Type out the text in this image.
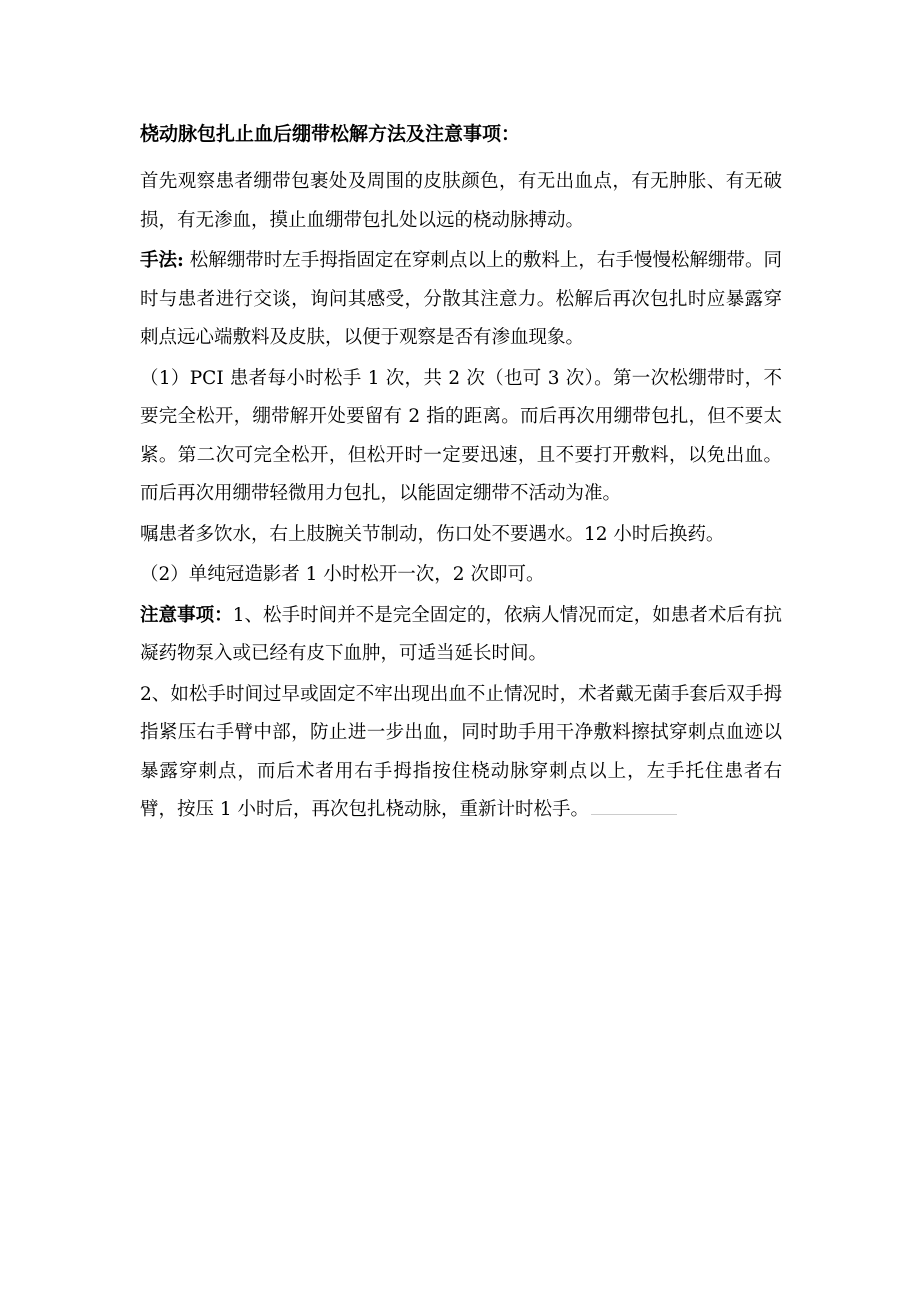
桡动脉包扎止血后绷带松解方法及注意事项：

首先观察患者绷带包裹处及周围的皮肤颜色，有无出血点，有无肿胀、有无破损，有无渗血，摸止血绷带包扎处以远的桡动脉搏动。

手法: 松解绷带时左手拇指固定在穿刺点以上的敷料上，右手慢慢松解绷带。同时与患者进行交谈，询问其感受，分散其注意力。松解后再次包扎时应暴露穿刺点远心端敷料及皮肤，以便于观察是否有渗血现象。

（1）PCI 患者每小时松手 1 次，共 2 次（也可 3 次）。第一次松绷带时，不要完全松开，绷带解开处要留有 2 指的距离。而后再次用绷带包扎，但不要太紧。第二次可完全松开，但松开时一定要迅速，且不要打开敷料，以免出血。而后再次用绷带轻微用力包扎，以能固定绷带不活动为准。

嘱患者多饮水，右上肢腕关节制动，伤口处不要遇水。12 小时后换药。

（2）单纯冠造影者 1 小时松开一次，2 次即可。

注意事项：1、松手时间并不是完全固定的，依病人情况而定，如患者术后有抗凝药物泵入或已经有皮下血肿，可适当延长时间。

2、如松手时间过早或固定不牢出现出血不止情况时，术者戴无菌手套后双手拇指紧压右手臂中部，防止进一步出血，同时助手用干净敷料擦拭穿刺点血迹以暴露穿刺点，而后术者用右手拇指按住桡动脉穿刺点以上，左手托住患者右臂，按压 1 小时后，再次包扎桡动脉，重新计时松手。
